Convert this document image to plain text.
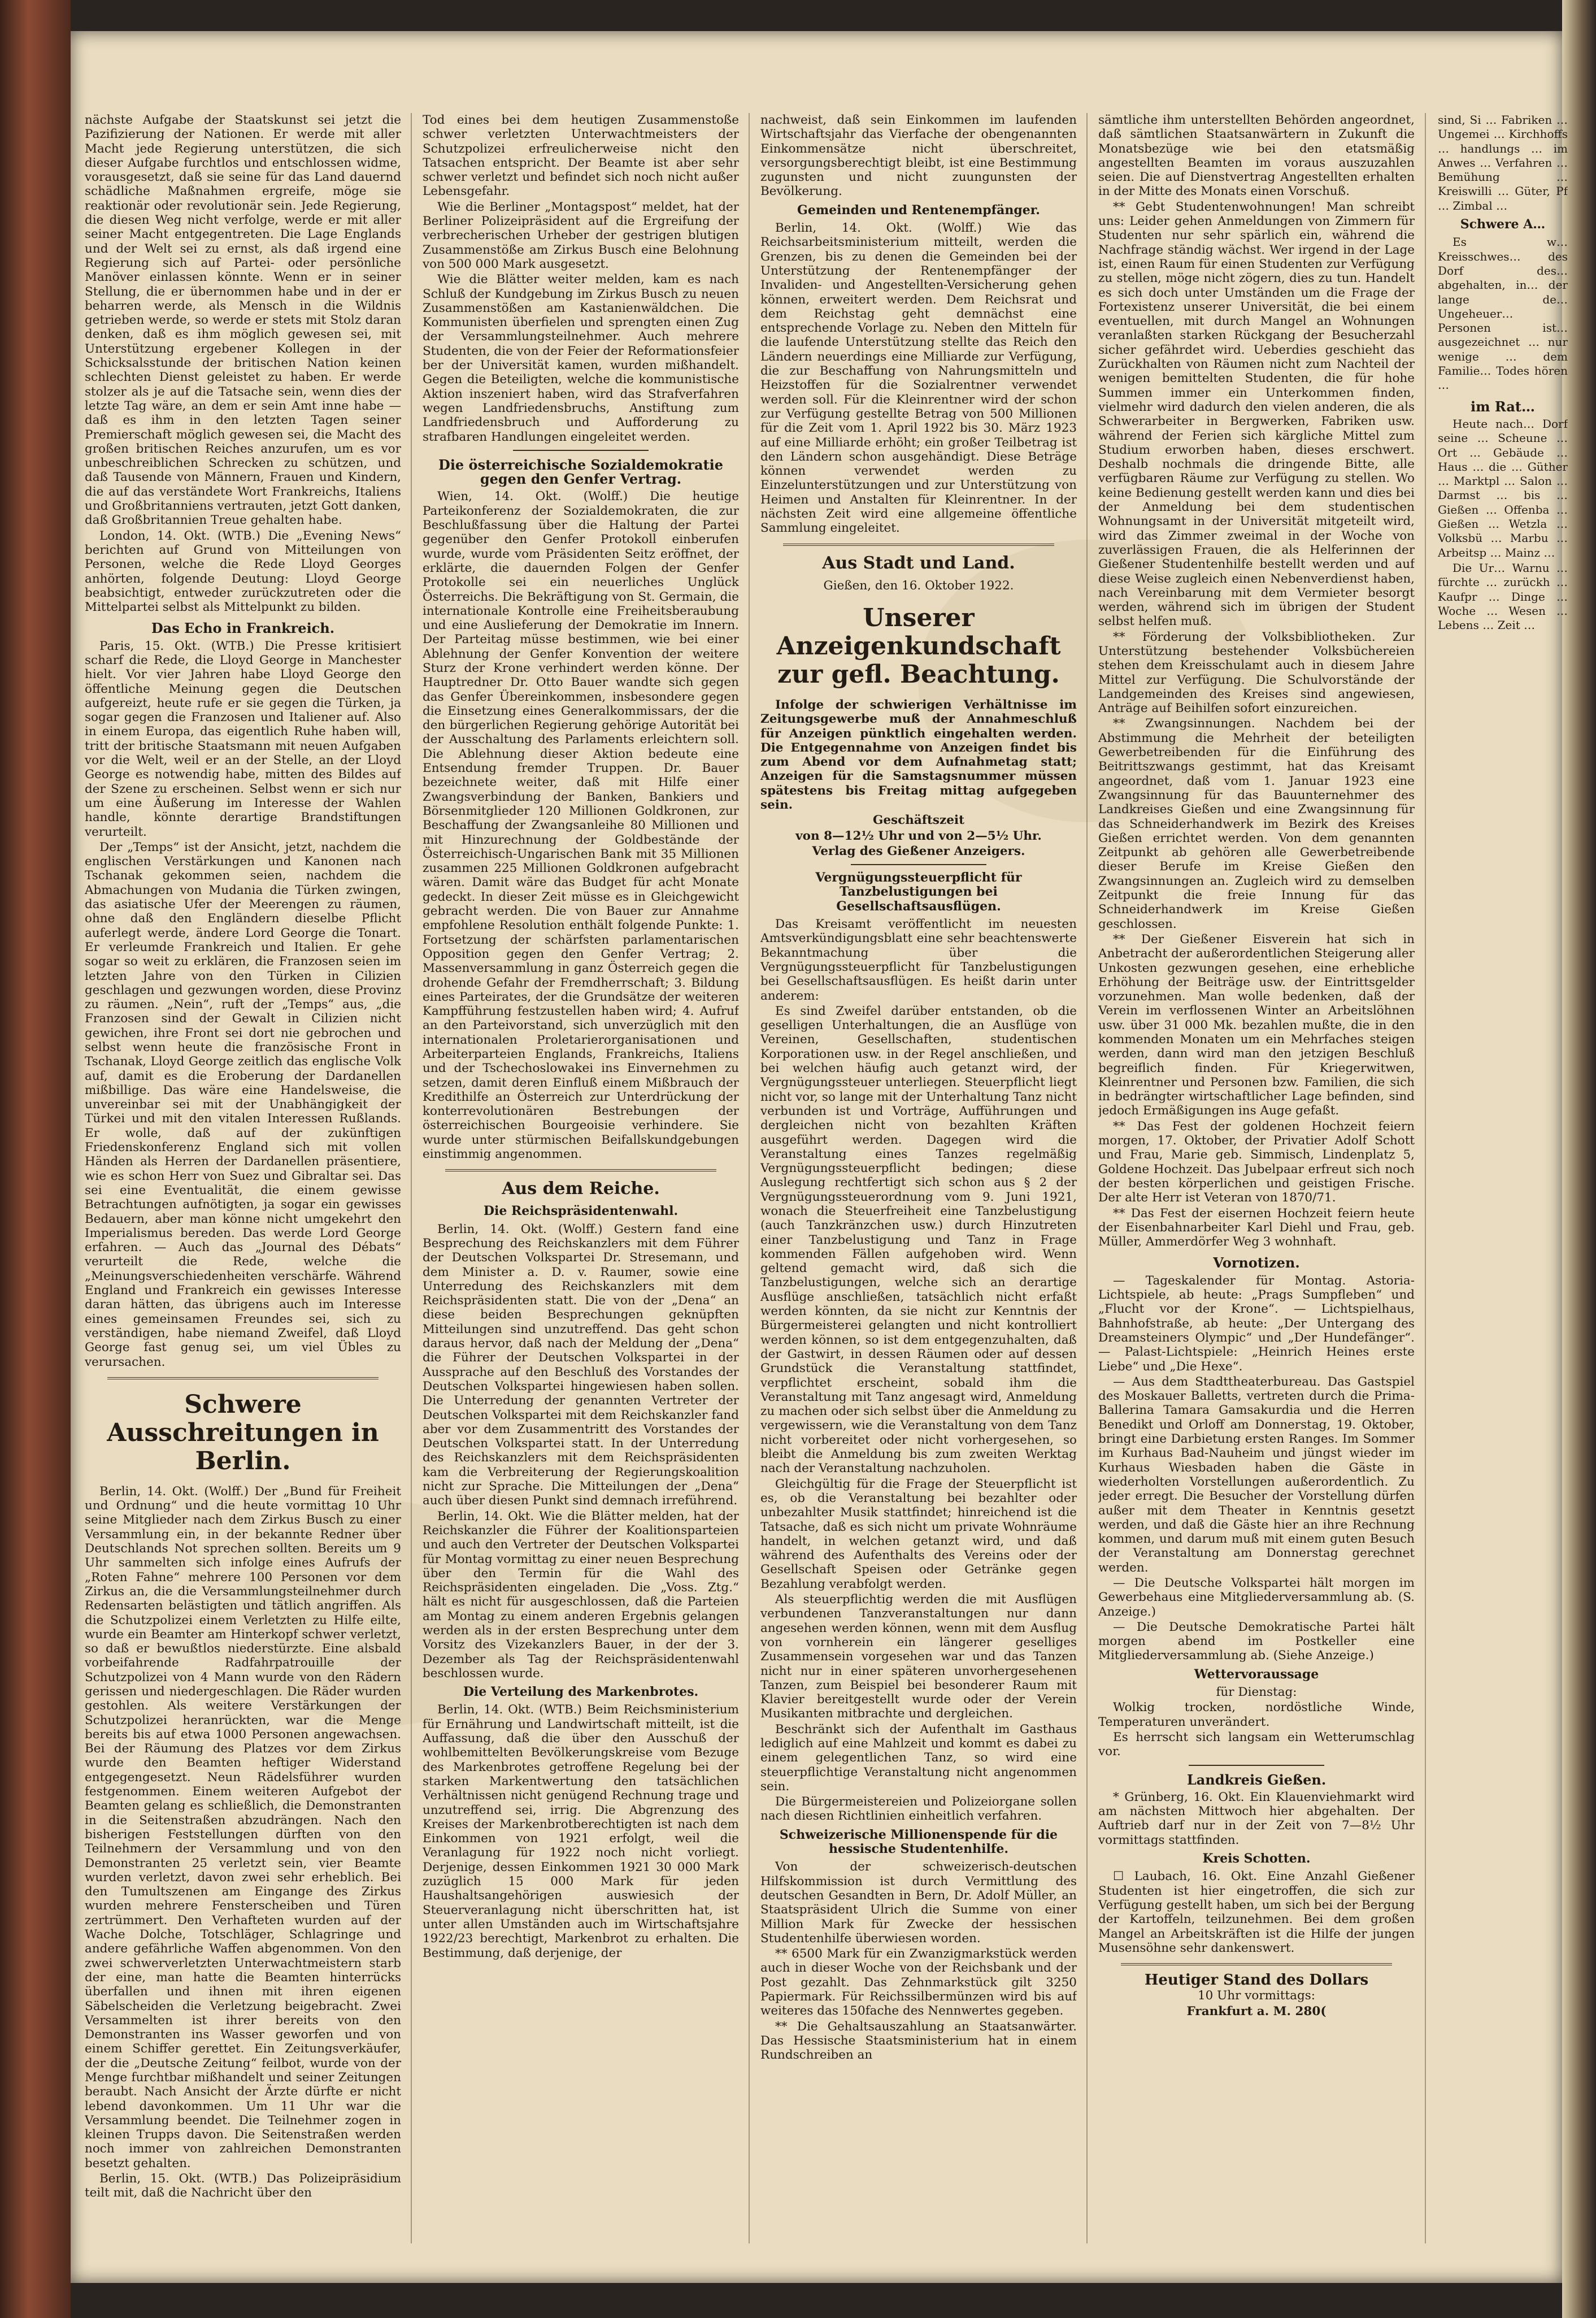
nächste Aufgabe der Staatskunst sei jetzt die Pazifizierung der Nationen. Er werde mit aller Macht jede Regierung unterstützen, die sich dieser Aufgabe furchtlos und entschlossen widme, vorausgesetzt, daß sie seine für das Land dauernd schädliche Maßnahmen ergreife, möge sie reaktionär oder revolutionär sein. Jede Regierung, die diesen Weg nicht verfolge, werde er mit aller seiner Macht entgegentreten. Die Lage Englands und der Welt sei zu ernst, als daß irgend eine Regierung sich auf Partei- oder persönliche Manöver einlassen könnte. Wenn er in seiner Stellung, die er übernommen habe und in der er beharren werde, als Mensch in die Wildnis getrieben werde, so werde er stets mit Stolz daran denken, daß es ihm möglich gewesen sei, mit Unterstützung ergebener Kollegen in der Schicksalsstunde der britischen Nation keinen schlechten Dienst geleistet zu haben. Er werde stolzer als je auf die Tatsache sein, wenn dies der letzte Tag wäre, an dem er sein Amt inne habe — daß es ihm in den letzten Tagen seiner Premierschaft möglich gewesen sei, die Macht des großen britischen Reiches anzurufen, um es vor unbeschreiblichen Schrecken zu schützen, und daß Tausende von Männern, Frauen und Kindern, die auf das verständete Wort Frankreichs, Italiens und Großbritanniens vertrauten, jetzt Gott danken, daß Großbritannien Treue gehalten habe.

London, 14. Okt. (WTB.) Die „Evening News“ berichten auf Grund von Mitteilungen von Personen, welche die Rede Lloyd Georges anhörten, folgende Deutung: Lloyd George beabsichtigt, entweder zurückzutreten oder die Mittelpartei selbst als Mittelpunkt zu bilden.

Das Echo in Frankreich.

Paris, 15. Okt. (WTB.) Die Presse kritisiert scharf die Rede, die Lloyd George in Manchester hielt. Vor vier Jahren habe Lloyd George den öffentliche Meinung gegen die Deutschen aufgereizt, heute rufe er sie gegen die Türken, ja sogar gegen die Franzosen und Italiener auf. Also in einem Europa, das eigentlich Ruhe haben will, tritt der britische Staatsmann mit neuen Aufgaben vor die Welt, weil er an der Stelle, an der Lloyd George es notwendig habe, mitten des Bildes auf der Szene zu erscheinen. Selbst wenn er sich nur um eine Äußerung im Interesse der Wahlen handle, könnte derartige Brandstiftungen verurteilt.

Der „Temps“ ist der Ansicht, jetzt, nachdem die englischen Verstärkungen und Kanonen nach Tschanak gekommen seien, nachdem die Abmachungen von Mudania die Türken zwingen, das asiatische Ufer der Meerengen zu räumen, ohne daß den Engländern dieselbe Pflicht auferlegt werde, ändere Lord George die Tonart. Er verleumde Frankreich und Italien. Er gehe sogar so weit zu erklären, die Franzosen seien im letzten Jahre von den Türken in Cilizien geschlagen und gezwungen worden, diese Provinz zu räumen. „Nein“, ruft der „Temps“ aus, „die Franzosen sind der Gewalt in Cilizien nicht gewichen, ihre Front sei dort nie gebrochen und selbst wenn heute die französische Front in Tschanak, Lloyd George zeitlich das englische Volk auf, damit es die Eroberung der Dardanellen mißbillige. Das wäre eine Handelsweise, die unvereinbar sei mit der Unabhängigkeit der Türkei und mit den vitalen Interessen Rußlands. Er wolle, daß auf der zukünftigen Friedenskonferenz England sich mit vollen Händen als Herren der Dardanellen präsentiere, wie es schon Herr von Suez und Gibraltar sei. Das sei eine Eventualität, die einem gewisse Betrachtungen aufnötigten, ja sogar ein gewisses Bedauern, aber man könne nicht umgekehrt den Imperialismus bereden. Das werde Lord George erfahren. — Auch das „Journal des Débats“ verurteilt die Rede, welche die „Meinungsverschiedenheiten verschärfe. Während England und Frankreich ein gewisses Interesse daran hätten, das übrigens auch im Interesse eines gemeinsamen Freundes sei, sich zu verständigen, habe niemand Zweifel, daß Lloyd George fast genug sei, um viel Übles zu verursachen.

Schwere Ausschreitungen in Berlin.

Berlin, 14. Okt. (Wolff.) Der „Bund für Freiheit und Ordnung“ und die heute vormittag 10 Uhr seine Mitglieder nach dem Zirkus Busch zu einer Versammlung ein, in der bekannte Redner über Deutschlands Not sprechen sollten. Bereits um 9 Uhr sammelten sich infolge eines Aufrufs der „Roten Fahne“ mehrere 100 Personen vor dem Zirkus an, die die Versammlungsteilnehmer durch Redensarten belästigten und tätlich angriffen. Als die Schutzpolizei einem Verletzten zu Hilfe eilte, wurde ein Beamter am Hinterkopf schwer verletzt, so daß er bewußtlos niederstürzte. Eine alsbald vorbeifahrende Radfahrpatrouille der Schutzpolizei von 4 Mann wurde von den Rädern gerissen und niedergeschlagen. Die Räder wurden gestohlen. Als weitere Verstärkungen der Schutzpolizei heranrückten, war die Menge bereits bis auf etwa 1000 Personen angewachsen. Bei der Räumung des Platzes vor dem Zirkus wurde den Beamten heftiger Widerstand entgegengesetzt. Neun Rädelsführer wurden festgenommen. Einem weiteren Aufgebot der Beamten gelang es schließlich, die Demonstranten in die Seitenstraßen abzudrängen. Nach den bisherigen Feststellungen dürften von den Teilnehmern der Versammlung und von den Demonstranten 25 verletzt sein, vier Beamte wurden verletzt, davon zwei sehr erheblich. Bei den Tumultszenen am Eingange des Zirkus wurden mehrere Fensterscheiben und Türen zertrümmert. Den Verhafteten wurden auf der Wache Dolche, Totschläger, Schlagringe und andere gefährliche Waffen abgenommen. Von den zwei schwerverletzten Unterwachtmeistern starb der eine, man hatte die Beamten hinterrücks überfallen und ihnen mit ihren eigenen Säbelscheiden die Verletzung beigebracht. Zwei Versammelten ist ihrer bereits von den Demonstranten ins Wasser geworfen und von einem Schiffer gerettet. Ein Zeitungsverkäufer, der die „Deutsche Zeitung“ feilbot, wurde von der Menge furchtbar mißhandelt und seiner Zeitungen beraubt. Nach Ansicht der Ärzte dürfte er nicht lebend davonkommen. Um 11 Uhr war die Versammlung beendet. Die Teilnehmer zogen in kleinen Trupps davon. Die Seitenstraßen werden noch immer von zahlreichen Demonstranten besetzt gehalten.

Berlin, 15. Okt. (WTB.) Das Polizeipräsidium teilt mit, daß die Nachricht über den

Tod eines bei dem heutigen Zusammenstoße schwer verletzten Unterwachtmeisters der Schutzpolizei erfreulicherweise nicht den Tatsachen entspricht. Der Beamte ist aber sehr schwer verletzt und befindet sich noch nicht außer Lebensgefahr.

Wie die Berliner „Montagspost“ meldet, hat der Berliner Polizeipräsident auf die Ergreifung der verbrecherischen Urheber der gestrigen blutigen Zusammenstöße am Zirkus Busch eine Belohnung von 500 000 Mark ausgesetzt.

Wie die Blätter weiter melden, kam es nach Schluß der Kundgebung im Zirkus Busch zu neuen Zusammenstößen am Kastanienwäldchen. Die Kommunisten überfielen und sprengten einen Zug der Versammlungsteilnehmer. Auch mehrere Studenten, die von der Feier der Reformationsfeier ber der Universität kamen, wurden mißhandelt. Gegen die Beteiligten, welche die kommunistische Aktion inszeniert haben, wird das Strafverfahren wegen Landfriedensbruchs, Anstiftung zum Landfriedensbruch und Aufforderung zu strafbaren Handlungen eingeleitet werden.

Die österreichische Sozialdemokratie gegen den Genfer Vertrag.

Wien, 14. Okt. (Wolff.) Die heutige Parteikonferenz der Sozialdemokraten, die zur Beschlußfassung über die Haltung der Partei gegenüber den Genfer Protokoll einberufen wurde, wurde vom Präsidenten Seitz eröffnet, der erklärte, die dauernden Folgen der Genfer Protokolle sei ein neuerliches Unglück Österreichs. Die Bekräftigung von St. Germain, die internationale Kontrolle eine Freiheitsberaubung und eine Auslieferung der Demokratie im Innern. Der Parteitag müsse bestimmen, wie bei einer Ablehnung der Genfer Konvention der weitere Sturz der Krone verhindert werden könne. Der Hauptredner Dr. Otto Bauer wandte sich gegen das Genfer Übereinkommen, insbesondere gegen die Einsetzung eines Generalkommissars, der die den bürgerlichen Regierung gehörige Autorität bei der Ausschaltung des Parlaments erleichtern soll. Die Ablehnung dieser Aktion bedeute eine Entsendung fremder Truppen. Dr. Bauer bezeichnete weiter, daß mit Hilfe einer Zwangsverbindung der Banken, Bankiers und Börsenmitglieder 120 Millionen Goldkronen, zur Beschaffung der Zwangsanleihe 80 Millionen und mit Hinzurechnung der Goldbestände der Österreichisch-Ungarischen Bank mit 35 Millionen zusammen 225 Millionen Goldkronen aufgebracht wären. Damit wäre das Budget für acht Monate gedeckt. In dieser Zeit müsse es in Gleichgewicht gebracht werden. Die von Bauer zur Annahme empfohlene Resolution enthält folgende Punkte: 1. Fortsetzung der schärfsten parlamentarischen Opposition gegen den Genfer Vertrag; 2. Massenversammlung in ganz Österreich gegen die drohende Gefahr der Fremdherrschaft; 3. Bildung eines Parteirates, der die Grundsätze der weiteren Kampfführung festzustellen haben wird; 4. Aufruf an den Parteivorstand, sich unverzüglich mit den internationalen Proletarierorganisationen und Arbeiterparteien Englands, Frankreichs, Italiens und der Tschechoslowakei ins Einvernehmen zu setzen, damit deren Einfluß einem Mißbrauch der Kredithilfe an Österreich zur Unterdrückung der konterrevolutionären Bestrebungen der österreichischen Bourgeoisie verhindere. Sie wurde unter stürmischen Beifallskundgebungen einstimmig angenommen.

Aus dem Reiche.
Die Reichspräsidentenwahl.

Berlin, 14. Okt. (Wolff.) Gestern fand eine Besprechung des Reichskanzlers mit dem Führer der Deutschen Volkspartei Dr. Stresemann, und dem Minister a. D. v. Raumer, sowie eine Unterredung des Reichskanzlers mit dem Reichspräsidenten statt. Die von der „Dena“ an diese beiden Besprechungen geknüpften Mitteilungen sind unzutreffend. Das geht schon daraus hervor, daß nach der Meldung der „Dena“ die Führer der Deutschen Volkspartei in der Aussprache auf den Beschluß des Vorstandes der Deutschen Volkspartei hingewiesen haben sollen. Die Unterredung der genannten Vertreter der Deutschen Volkspartei mit dem Reichskanzler fand aber vor dem Zusammentritt des Vorstandes der Deutschen Volkspartei statt. In der Unterredung des Reichskanzlers mit dem Reichspräsidenten kam die Verbreiterung der Regierungskoalition nicht zur Sprache. Die Mitteilungen der „Dena“ auch über diesen Punkt sind demnach irreführend.

Berlin, 14. Okt. Wie die Blätter melden, hat der Reichskanzler die Führer der Koalitionsparteien und auch den Vertreter der Deutschen Volkspartei für Montag vormittag zu einer neuen Besprechung über den Termin für die Wahl des Reichspräsidenten eingeladen. Die „Voss. Ztg.“ hält es nicht für ausgeschlossen, daß die Parteien am Montag zu einem anderen Ergebnis gelangen werden als in der ersten Besprechung unter dem Vorsitz des Vizekanzlers Bauer, in der der 3. Dezember als Tag der Reichspräsidentenwahl beschlossen wurde.

Die Verteilung des Markenbrotes.

Berlin, 14. Okt. (WTB.) Beim Reichsministerium für Ernährung und Landwirtschaft mitteilt, ist die Auffassung, daß die über den Ausschuß der wohlbemittelten Bevölkerungskreise vom Bezuge des Markenbrotes getroffene Regelung bei der starken Markentwertung den tatsächlichen Verhältnissen nicht genügend Rechnung trage und unzutreffend sei, irrig. Die Abgrenzung des Kreises der Markenbrotberechtigten ist nach dem Einkommen von 1921 erfolgt, weil die Veranlagung für 1922 noch nicht vorliegt. Derjenige, dessen Einkommen 1921 30 000 Mark zuzüglich 15 000 Mark für jeden Haushaltsangehörigen auswiesich der Steuerveranlagung nicht überschritten hat, ist unter allen Umständen auch im Wirtschaftsjahre 1922/23 berechtigt, Markenbrot zu erhalten. Die Bestimmung, daß derjenige, der

nachweist, daß sein Einkommen im laufenden Wirtschaftsjahr das Vierfache der obengenannten Einkommensätze nicht überschreitet, versorgungsberechtigt bleibt, ist eine Bestimmung zugunsten und nicht zuungunsten der Bevölkerung.

Gemeinden und Rentenempfänger.

Berlin, 14. Okt. (Wolff.) Wie das Reichsarbeitsministerium mitteilt, werden die Grenzen, bis zu denen die Gemeinden bei der Unterstützung der Rentenempfänger der Invaliden- und Angestellten-Versicherung gehen können, erweitert werden. Dem Reichsrat und dem Reichstag geht demnächst eine entsprechende Vorlage zu. Neben den Mitteln für die laufende Unterstützung stellte das Reich den Ländern neuerdings eine Milliarde zur Verfügung, die zur Beschaffung von Nahrungsmitteln und Heizstoffen für die Sozialrentner verwendet werden soll. Für die Kleinrentner wird der schon zur Verfügung gestellte Betrag von 500 Millionen für die Zeit vom 1. April 1922 bis 30. März 1923 auf eine Milliarde erhöht; ein großer Teilbetrag ist den Ländern schon ausgehändigt. Diese Beträge können verwendet werden zu Einzelunterstützungen und zur Unterstützung von Heimen und Anstalten für Kleinrentner. In der nächsten Zeit wird eine allgemeine öffentliche Sammlung eingeleitet.

Aus Stadt und Land.

Gießen, den 16. Oktober 1922.

Unserer Anzeigenkundschaft zur gefl. Beachtung.

Infolge der schwierigen Verhältnisse im Zeitungsgewerbe muß der Annahmeschluß für Anzeigen pünktlich eingehalten werden. Die Entgegennahme von Anzeigen findet bis zum Abend vor dem Aufnahmetag statt; Anzeigen für die Samstagsnummer müssen spätestens bis Freitag mittag aufgegeben sein.

Geschäftszeit

von 8—12½ Uhr und von 2—5½ Uhr.

Verlag des Gießener Anzeigers.

Vergnügungssteuerpflicht für Tanzbelustigungen bei Gesellschaftsausflügen.

Das Kreisamt veröffentlicht im neuesten Amtsverkündigungsblatt eine sehr beachtenswerte Bekanntmachung über die Vergnügungssteuerpflicht für Tanzbelustigungen bei Gesellschaftsausflügen. Es heißt darin unter anderem:

Es sind Zweifel darüber entstanden, ob die geselligen Unterhaltungen, die an Ausflüge von Vereinen, Gesellschaften, studentischen Korporationen usw. in der Regel anschließen, und bei welchen häufig auch getanzt wird, der Vergnügungssteuer unterliegen. Steuerpflicht liegt nicht vor, so lange mit der Unterhaltung Tanz nicht verbunden ist und Vorträge, Aufführungen und dergleichen nicht von bezahlten Kräften ausgeführt werden. Dagegen wird die Veranstaltung eines Tanzes regelmäßig Vergnügungssteuerpflicht bedingen; diese Auslegung rechtfertigt sich schon aus § 2 der Vergnügungssteuerordnung vom 9. Juni 1921, wonach die Steuerfreiheit eine Tanzbelustigung (auch Tanzkränzchen usw.) durch Hinzutreten einer Tanzbelustigung und Tanz in Frage kommenden Fällen aufgehoben wird. Wenn geltend gemacht wird, daß sich die Tanzbelustigungen, welche sich an derartige Ausflüge anschließen, tatsächlich nicht erfaßt werden könnten, da sie nicht zur Kenntnis der Bürgermeisterei gelangten und nicht kontrolliert werden können, so ist dem entgegenzuhalten, daß der Gastwirt, in dessen Räumen oder auf dessen Grundstück die Veranstaltung stattfindet, verpflichtet erscheint, sobald ihm die Veranstaltung mit Tanz angesagt wird, Anmeldung zu machen oder sich selbst über die Anmeldung zu vergewissern, wie die Veranstaltung von dem Tanz nicht vorbereitet oder nicht vorhergesehen, so bleibt die Anmeldung bis zum zweiten Werktag nach der Veranstaltung nachzuholen.

Gleichgültig für die Frage der Steuerpflicht ist es, ob die Veranstaltung bei bezahlter oder unbezahlter Musik stattfindet; hinreichend ist die Tatsache, daß es sich nicht um private Wohnräume handelt, in welchen getanzt wird, und daß während des Aufenthalts des Vereins oder der Gesellschaft Speisen oder Getränke gegen Bezahlung verabfolgt werden.

Als steuerpflichtig werden die mit Ausflügen verbundenen Tanzveranstaltungen nur dann angesehen werden können, wenn mit dem Ausflug von vornherein ein längerer geselliges Zusammensein vorgesehen war und das Tanzen nicht nur in einer späteren unvorhergesehenen Tanzen, zum Beispiel bei besonderer Raum mit Klavier bereitgestellt wurde oder der Verein Musikanten mitbrachte und dergleichen.

Beschränkt sich der Aufenthalt im Gasthaus lediglich auf eine Mahlzeit und kommt es dabei zu einem gelegentlichen Tanz, so wird eine steuerpflichtige Veranstaltung nicht angenommen sein.

Die Bürgermeistereien und Polizeiorgane sollen nach diesen Richtlinien einheitlich verfahren.

Schweizerische Millionenspende für die hessische Studentenhilfe.

Von der schweizerisch-deutschen Hilfskommission ist durch Vermittlung des deutschen Gesandten in Bern, Dr. Adolf Müller, an Staatspräsident Ulrich die Summe von einer Million Mark für Zwecke der hessischen Studentenhilfe überwiesen worden.

** 6500 Mark für ein Zwanzigmarkstück werden auch in dieser Woche von der Reichsbank und der Post gezahlt. Das Zehnmarkstück gilt 3250 Papiermark. Für Reichssilbermünzen wird bis auf weiteres das 150fache des Nennwertes gegeben.

** Die Gehaltsauszahlung an Staatsanwärter. Das Hessische Staatsministerium hat in einem Rundschreiben an

sämtliche ihm unterstellten Behörden angeordnet, daß sämtlichen Staatsanwärtern in Zukunft die Monatsbezüge wie bei den etatsmäßig angestellten Beamten im voraus auszuzahlen seien. Die auf Dienstvertrag Angestellten erhalten in der Mitte des Monats einen Vorschuß.

** Gebt Studentenwohnungen! Man schreibt uns: Leider gehen Anmeldungen von Zimmern für Studenten nur sehr spärlich ein, während die Nachfrage ständig wächst. Wer irgend in der Lage ist, einen Raum für einen Studenten zur Verfügung zu stellen, möge nicht zögern, dies zu tun. Handelt es sich doch unter Umständen um die Frage der Fortexistenz unserer Universität, die bei einem eventuellen, mit durch Mangel an Wohnungen veranlaßten starken Rückgang der Besucherzahl sicher gefährdet wird. Ueberdies geschieht das Zurückhalten von Räumen nicht zum Nachteil der wenigen bemittelten Studenten, die für hohe Summen immer ein Unterkommen finden, vielmehr wird dadurch den vielen anderen, die als Schwerarbeiter in Bergwerken, Fabriken usw. während der Ferien sich kärgliche Mittel zum Studium erworben haben, dieses erschwert. Deshalb nochmals die dringende Bitte, alle verfügbaren Räume zur Verfügung zu stellen. Wo keine Bedienung gestellt werden kann und dies bei der Anmeldung bei dem studentischen Wohnungsamt in der Universität mitgeteilt wird, wird das Zimmer zweimal in der Woche von zuverlässigen Frauen, die als Helferinnen der Gießener Studentenhilfe bestellt werden und auf diese Weise zugleich einen Nebenverdienst haben, nach Vereinbarung mit dem Vermieter besorgt werden, während sich im übrigen der Student selbst helfen muß.

** Förderung der Volksbibliotheken. Zur Unterstützung bestehender Volksbüchereien stehen dem Kreisschulamt auch in diesem Jahre Mittel zur Verfügung. Die Schulvorstände der Landgemeinden des Kreises sind angewiesen, Anträge auf Beihilfen sofort einzureichen.

** Zwangsinnungen. Nachdem bei der Abstimmung die Mehrheit der beteiligten Gewerbetreibenden für die Einführung des Beitrittszwangs gestimmt, hat das Kreisamt angeordnet, daß vom 1. Januar 1923 eine Zwangsinnung für das Bauunternehmer des Landkreises Gießen und eine Zwangsinnung für das Schneiderhandwerk im Bezirk des Kreises Gießen errichtet werden. Von dem genannten Zeitpunkt ab gehören alle Gewerbetreibende dieser Berufe im Kreise Gießen den Zwangsinnungen an. Zugleich wird zu demselben Zeitpunkt die freie Innung für das Schneiderhandwerk im Kreise Gießen geschlossen.

** Der Gießener Eisverein hat sich in Anbetracht der außerordentlichen Steigerung aller Unkosten gezwungen gesehen, eine erhebliche Erhöhung der Beiträge usw. der Eintrittsgelder vorzunehmen. Man wolle bedenken, daß der Verein im verflossenen Winter an Arbeitslöhnen usw. über 31 000 Mk. bezahlen mußte, die in den kommenden Monaten um ein Mehrfaches steigen werden, dann wird man den jetzigen Beschluß begreiflich finden. Für Kriegerwitwen, Kleinrentner und Personen bzw. Familien, die sich in bedrängter wirtschaftlicher Lage befinden, sind jedoch Ermäßigungen ins Auge gefaßt.

** Das Fest der goldenen Hochzeit feiern morgen, 17. Oktober, der Privatier Adolf Schott und Frau, Marie geb. Simmisch, Lindenplatz 5, Goldene Hochzeit. Das Jubelpaar erfreut sich noch der besten körperlichen und geistigen Frische. Der alte Herr ist Veteran von 1870/71.

** Das Fest der eisernen Hochzeit feiern heute der Eisenbahnarbeiter Karl Diehl und Frau, geb. Müller, Ammerdörfer Weg 3 wohnhaft.

Vornotizen.

— Tageskalender für Montag. Astoria-Lichtspiele, ab heute: „Prags Sumpfleben“ und „Flucht vor der Krone“. — Lichtspielhaus, Bahnhofstraße, ab heute: „Der Untergang des Dreamsteiners Olympic“ und „Der Hundefänger“. — Palast-Lichtspiele: „Heinrich Heines erste Liebe“ und „Die Hexe“.

— Aus dem Stadttheaterbureau. Das Gastspiel des Moskauer Balletts, vertreten durch die Prima-Ballerina Tamara Gamsakurdia und die Herren Benedikt und Orloff am Donnerstag, 19. Oktober, bringt eine Darbietung ersten Ranges. Im Sommer im Kurhaus Bad-Nauheim und jüngst wieder im Kurhaus Wiesbaden haben die Gäste in wiederholten Vorstellungen außerordentlich. Zu jeder erregt. Die Besucher der Vorstellung dürfen außer mit dem Theater in Kenntnis gesetzt werden, und daß die Gäste hier an ihre Rechnung kommen, und darum muß mit einem guten Besuch der Veranstaltung am Donnerstag gerechnet werden.

— Die Deutsche Volkspartei hält morgen im Gewerbehaus eine Mitgliederversammlung ab. (S. Anzeige.)

— Die Deutsche Demokratische Partei hält morgen abend im Postkeller eine Mitgliederversammlung ab. (Siehe Anzeige.)

Wettervoraussage

für Dienstag:

Wolkig trocken, nordöstliche Winde, Temperaturen unverändert.

Es herrscht sich langsam ein Wetterumschlag vor.

Landkreis Gießen.

* Grünberg, 16. Okt. Ein Klauenviehmarkt wird am nächsten Mittwoch hier abgehalten. Der Auftrieb darf nur in der Zeit von 7—8½ Uhr vormittags stattfinden.

Kreis Schotten.

☐ Laubach, 16. Okt. Eine Anzahl Gießener Studenten ist hier eingetroffen, die sich zur Verfügung gestellt haben, um sich bei der Bergung der Kartoffeln, teilzunehmen. Bei dem großen Mangel an Arbeitskräften ist die Hilfe der jungen Musensöhne sehr dankenswert.

Heutiger Stand des Dollars

10 Uhr vormittags:

Frankfurt a. M. 280(

sind, Si … Fabriken … Ungemei … Kirchhoffs … handlungs … im Anwes … Verfahren … Bemühung … Kreiswilli … Güter, Pf … Zimbal …

Schwere A…

Es w… Kreisschwes… des Dorf des… abgehalten, in… der lange de… Ungeheuer… Personen ist… ausgezeichnet … nur wenige … dem Familie… Todes hören …

im Rat…

Heute nach… Dorf seine … Scheune … Ort … Gebäude … Haus … die … Güther … Marktpl … Salon … Darmst … bis … Gießen … Offenba … Gießen … Wetzla … Volksbü … Marbu … Arbeitsp … Mainz …

Die Ur… Warnu … fürchte … zurückh … Kaufpr … Dinge … Woche … Wesen … Lebens … Zeit …
